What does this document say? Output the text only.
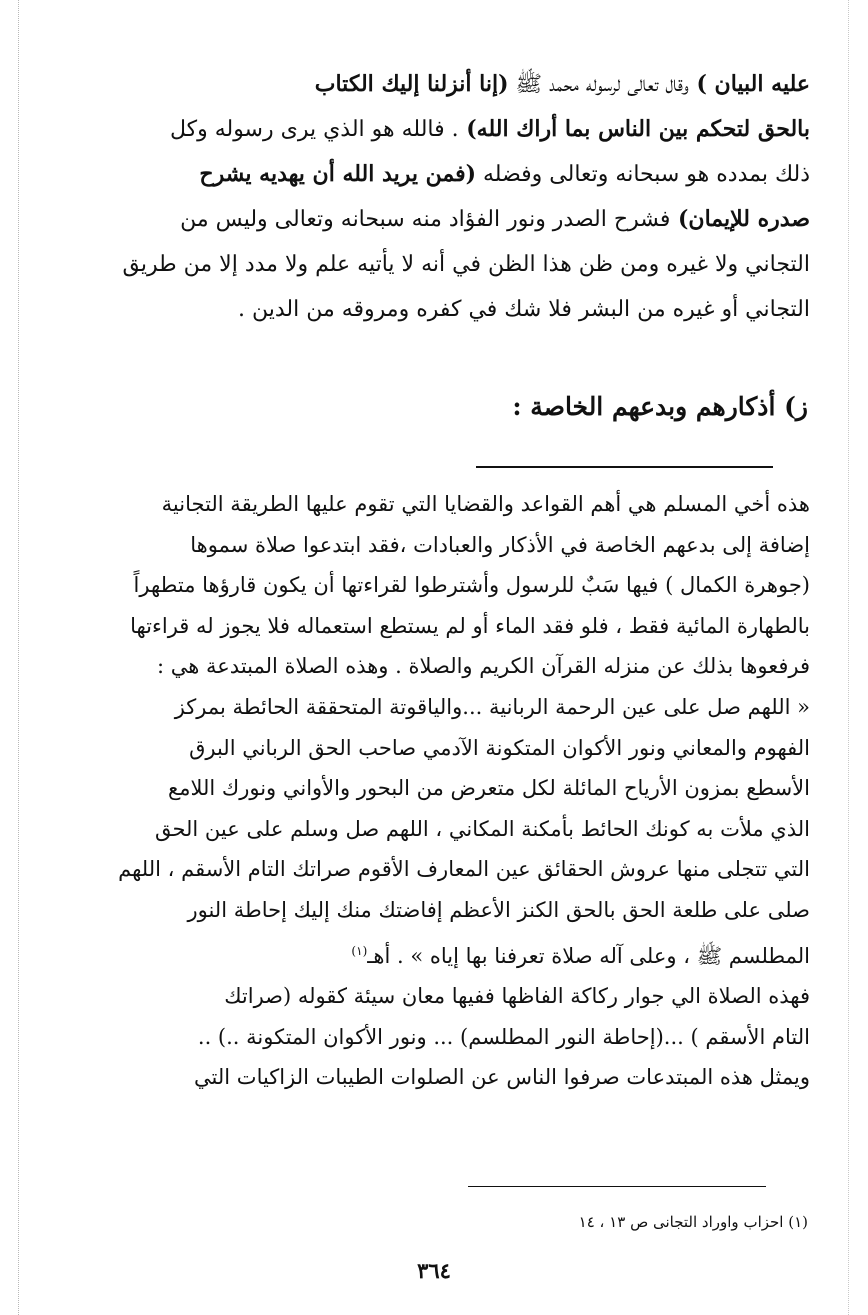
عليه البيان ) وقال تعالى لرسوله محمد ﷺ (إنا أنزلنا إليك الكتاب
بالحق لتحكم بين الناس بما أراك الله) . فالله هو الذي يرى رسوله وكل
ذلك بمدده هو سبحانه وتعالى وفضله (فمن يريد الله أن يهديه يشرح
صدره للإيمان) فشرح الصدر ونور الفؤاد منه سبحانه وتعالى وليس من
التجاني ولا غيره ومن ظن هذا الظن في أنه لا يأتيه علم ولا مدد إلا من طريق
التجاني أو غيره من البشر فلا شك في كفره ومروقه من الدين .
ز) أذكارهم وبدعهم الخاصة :
هذه أخي المسلم هي أهم القواعد والقضايا التي تقوم عليها الطريقة التجانية
إضافة إلى بدعهم الخاصة في الأذكار والعبادات ،فقد ابتدعوا صلاة سموها
(جوهرة الكمال ) فيها سَبٌ للرسول وأشترطوا لقراءتها أن يكون قارؤها متطهراً
بالطهارة المائية فقط ، فلو فقد الماء أو لم يستطع استعماله فلا يجوز له قراءتها
فرفعوها بذلك عن منزله القرآن الكريم والصلاة . وهذه الصلاة المبتدعة هي :
« اللهم صل على عين الرحمة الربانية ...والياقوتة المتحققة الحائطة بمركز
الفهوم والمعاني ونور الأكوان المتكونة الآدمي صاحب الحق الرباني البرق
الأسطع بمزون الأرياح المائلة لكل متعرض من البحور والأواني ونورك اللامع
الذي ملأت به كونك الحائط بأمكنة المكاني ، اللهم صل وسلم على عين الحق
التي تتجلى منها عروش الحقائق عين المعارف الأقوم صراتك التام الأسقم ، اللهم
صلى على طلعة الحق بالحق الكنز الأعظم إفاضتك منك إليك إحاطة النور
المطلسم ﷺ ، وعلى آله صلاة تعرفنا بها إياه » . أهـ$^{(١)}$
فهذه الصلاة الي جوار ركاكة الفاظها ففيها معان سيئة كقوله (صراتك
التام الأسقم ) ...(إحاطة النور المطلسم) ... ونور الأكوان المتكونة ..) ..
ويمثل هذه المبتدعات صرفوا الناس عن الصلوات الطيبات الزاكيات التي
(١) احزاب واوراد التجانى ص ١٣ ، ١٤
٣٦٤
